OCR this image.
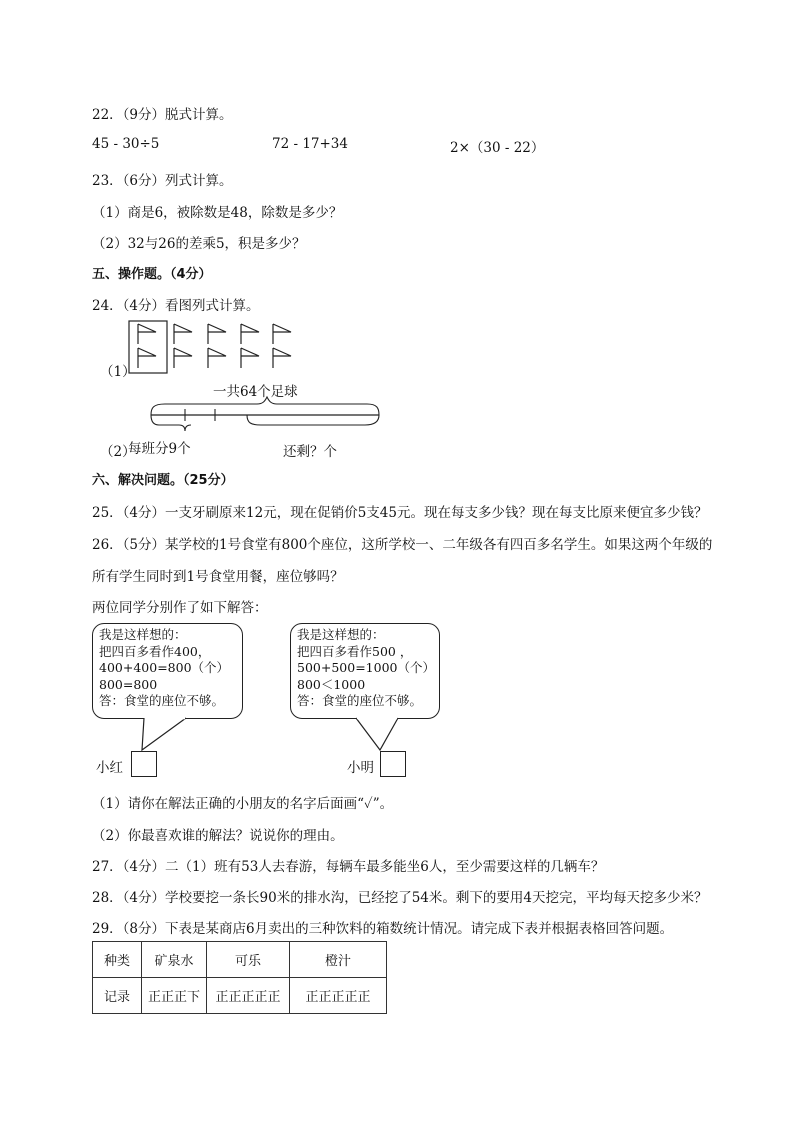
22．（9分）脱式计算。
45 - 30÷5	72 - 17+34	2×（30 - 22）
23．（6分）列式计算。
（1）商是6，被除数是48，除数是多少？
（2）32与26的差乘5，积是多少？
五、操作题。（4分）
24．（4分）看图列式计算。
（1）
一共64个足球
（2）
每班分9个	还剩？个
六、解决问题。（25分）
25．（4分）一支牙刷原来12元，现在促销价5支45元。现在每支多少钱？现在每支比原来便宜多少钱？
26．（5分）某学校的1号食堂有800个座位，这所学校一、二年级各有四百多名学生。如果这两个年级的
所有学生同时到1号食堂用餐，座位够吗？
两位同学分别作了如下解答：
我是这样想的：
把四百多看作400，
400+400=800（个）
800=800
答：食堂的座位不够。
我是这样想的：
把四百多看作500 ，
500+500=1000（个）
800＜1000
答：食堂的座位不够。
小红	小明
（1）请你在解法正确的小朋友的名字后面画“✓”。
（2）你最喜欢谁的解法？说说你的理由。
27．（4分）二（1）班有53人去春游，每辆车最多能坐6人，至少需要这样的几辆车？
28．（4分）学校要挖一条长90米的排水沟，已经挖了54米。剩下的要用4天挖完，平均每天挖多少米？
29．（8分）下表是某商店6月卖出的三种饮料的箱数统计情况。请完成下表并根据表格回答问题。
种类	矿泉水	可乐	橙汁
记录	正正正下	正正正正正	正正正正正
